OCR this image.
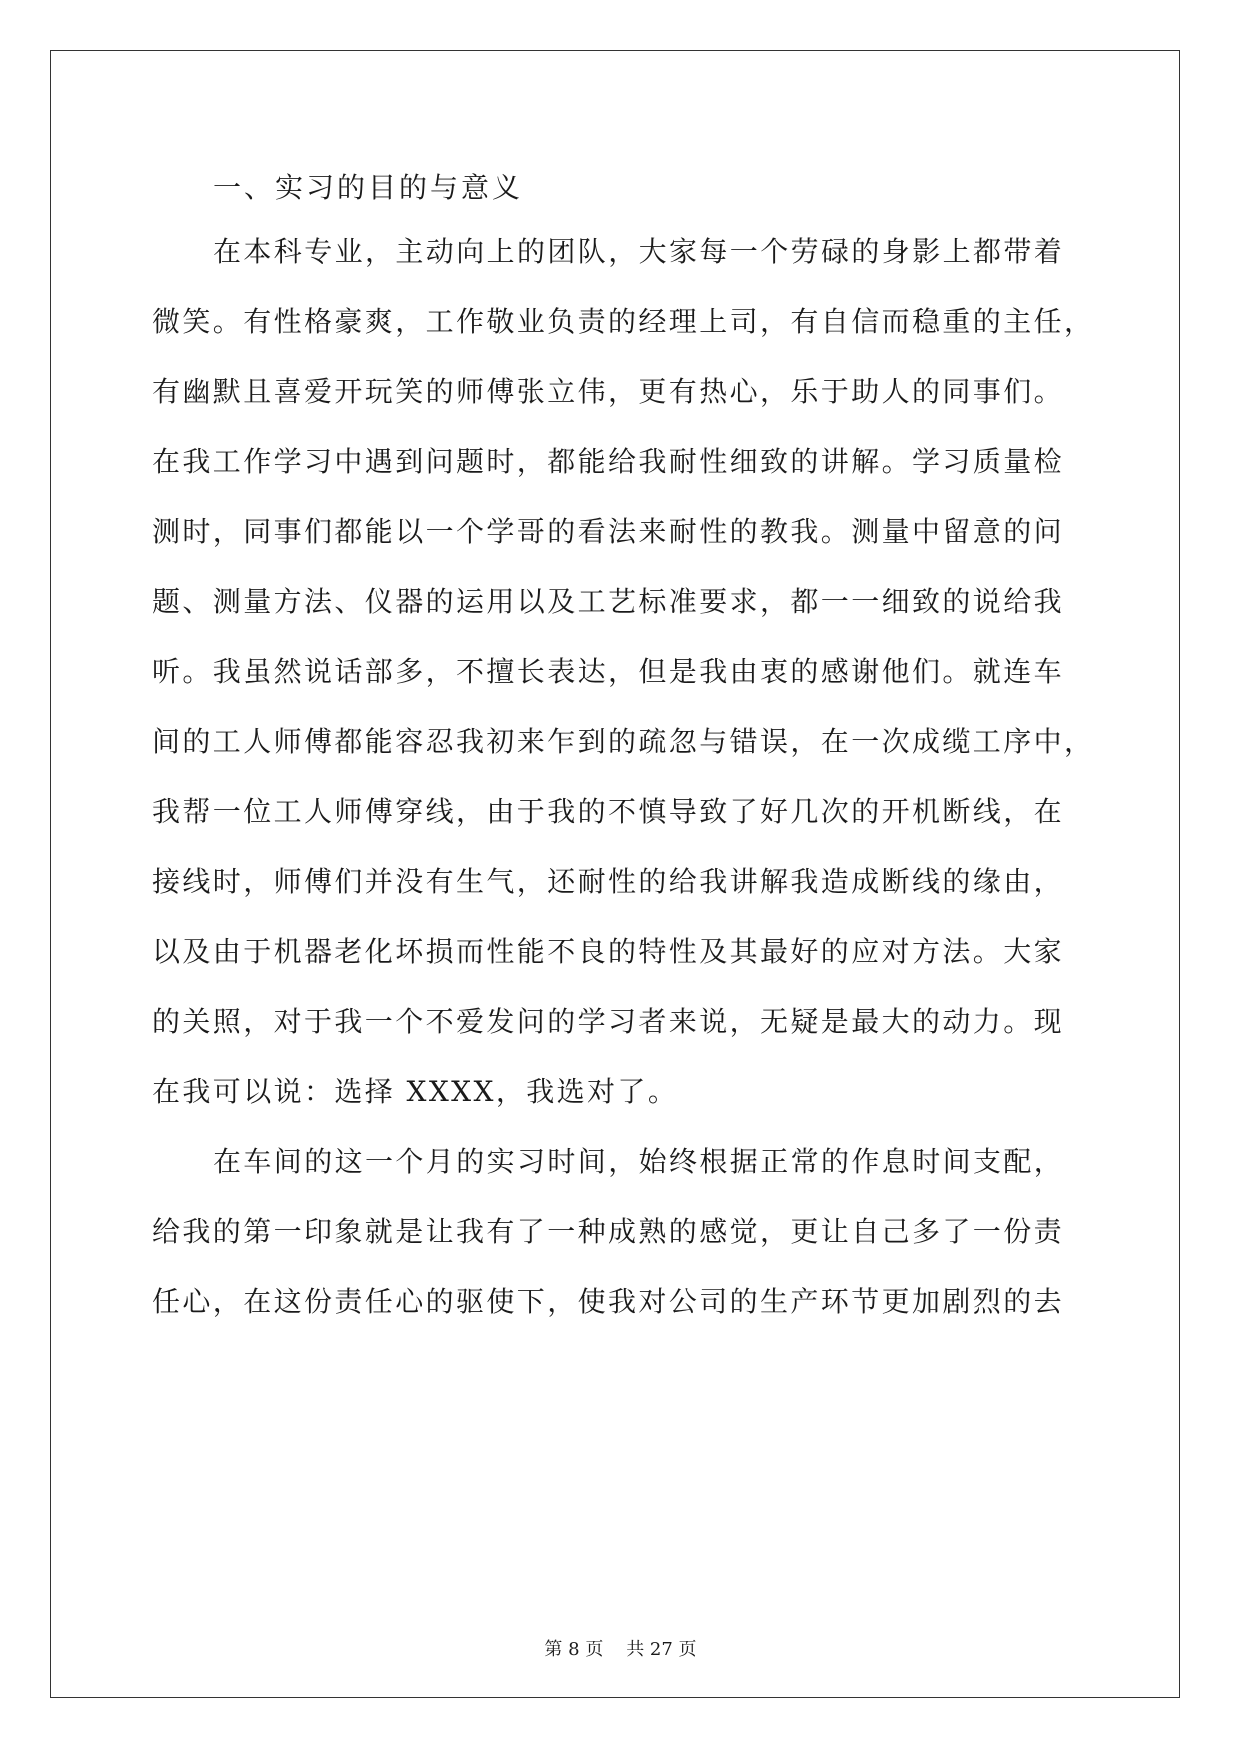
一、实习的目的与意义

在本科专业，主动向上的团队，大家每一个劳碌的身影上都带着

微笑。有性格豪爽，工作敬业负责的经理上司，有自信而稳重的主任，

有幽默且喜爱开玩笑的师傅张立伟，更有热心，乐于助人的同事们。

在我工作学习中遇到问题时，都能给我耐性细致的讲解。学习质量检

测时，同事们都能以一个学哥的看法来耐性的教我。测量中留意的问

题、测量方法、仪器的运用以及工艺标准要求，都一一细致的说给我

听。我虽然说话部多，不擅长表达，但是我由衷的感谢他们。就连车

间的工人师傅都能容忍我初来乍到的疏忽与错误，在一次成缆工序中，

我帮一位工人师傅穿线，由于我的不慎导致了好几次的开机断线，在

接线时，师傅们并没有生气，还耐性的给我讲解我造成断线的缘由，

以及由于机器老化坏损而性能不良的特性及其最好的应对方法。大家

的关照，对于我一个不爱发问的学习者来说，无疑是最大的动力。现

在我可以说：选择 XXXX，我选对了。

在车间的这一个月的实习时间，始终根据正常的作息时间支配，

给我的第一印象就是让我有了一种成熟的感觉，更让自己多了一份责

任心，在这份责任心的驱使下，使我对公司的生产环节更加剧烈的去

第 8 页    共 27 页
